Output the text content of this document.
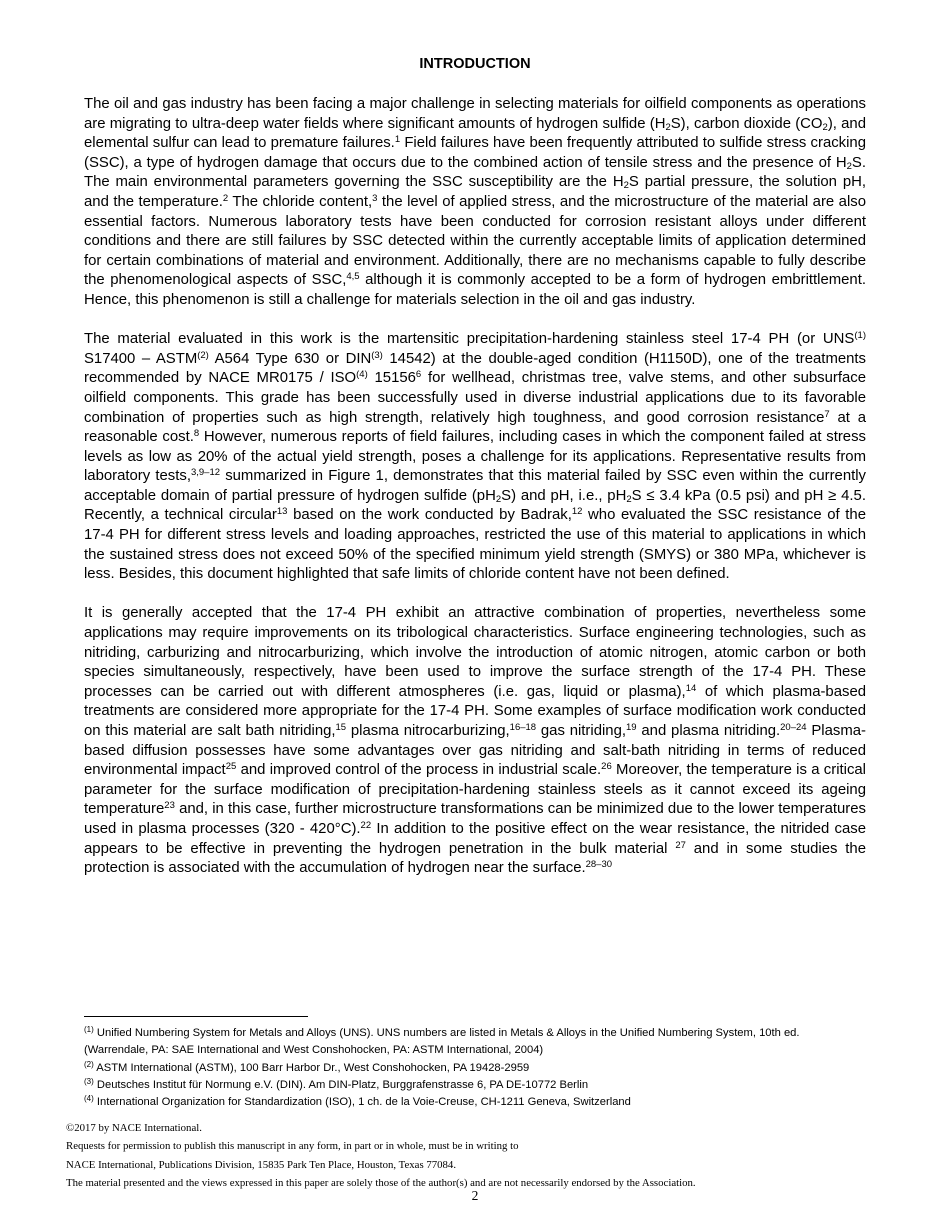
INTRODUCTION

The oil and gas industry has been facing a major challenge in selecting materials for oilfield components as operations are migrating to ultra-deep water fields where significant amounts of hydrogen sulfide $(H_2S)$, carbon dioxide $(CO_2)$, and elemental sulfur can lead to premature failures.$^1$ Field failures have been frequently attributed to sulfide stress cracking (SSC), a type of hydrogen damage that occurs due to the combined action of tensile stress and the presence of $H_2S$. The main environmental parameters governing the SSC susceptibility are the $H_2S$ partial pressure, the solution pH, and the temperature.$^2$ The chloride content,$^3$ the level of applied stress, and the microstructure of the material are also essential factors. Numerous laboratory tests have been conducted for corrosion resistant alloys under different conditions and there are still failures by SSC detected within the currently acceptable limits of application determined for certain combinations of material and environment. Additionally, there are no mechanisms capable to fully describe the phenomenological aspects of SSC,$^{4,5}$ although it is commonly accepted to be a form of hydrogen embrittlement. Hence, this phenomenon is still a challenge for materials selection in the oil and gas industry.

The material evaluated in this work is the martensitic precipitation-hardening stainless steel 17-4 PH (or UNS$^{(1)}$ S17400 – ASTM$^{(2)}$ A564 Type 630 or DIN$^{(3)}$ 14542) at the double-aged condition (H1150D), one of the treatments recommended by NACE MR0175 / ISO$^{(4)}$ 15156$^6$ for wellhead, christmas tree, valve stems, and other subsurface oilfield components. This grade has been successfully used in diverse industrial applications due to its favorable combination of properties such as high strength, relatively high toughness, and good corrosion resistance$^7$ at a reasonable cost.$^8$ However, numerous reports of field failures, including cases in which the component failed at stress levels as low as 20% of the actual yield strength, poses a challenge for its applications. Representative results from laboratory tests,$^{3,9-12}$ summarized in Figure 1, demonstrates that this material failed by SSC even within the currently acceptable domain of partial pressure of hydrogen sulfide $(pH_2S)$ and pH, i.e., $pH_2S \le 3.4$ kPa (0.5 psi) and pH ≥ 4.5. Recently, a technical circular$^{13}$ based on the work conducted by Badrak,$^{12}$ who evaluated the SSC resistance of the 17-4 PH for different stress levels and loading approaches, restricted the use of this material to applications in which the sustained stress does not exceed 50% of the specified minimum yield strength (SMYS) or 380 MPa, whichever is less. Besides, this document highlighted that safe limits of chloride content have not been defined.

It is generally accepted that the 17-4 PH exhibit an attractive combination of properties, nevertheless some applications may require improvements on its tribological characteristics. Surface engineering technologies, such as nitriding, carburizing and nitrocarburizing, which involve the introduction of atomic nitrogen, atomic carbon or both species simultaneously, respectively, have been used to improve the surface strength of the 17-4 PH. These processes can be carried out with different atmospheres (i.e. gas, liquid or plasma),$^{14}$ of which plasma-based treatments are considered more appropriate for the 17-4 PH. Some examples of surface modification work conducted on this material are salt bath nitriding,$^{15}$ plasma nitrocarburizing,$^{16-18}$ gas nitriding,$^{19}$ and plasma nitriding.$^{20-24}$ Plasma-based diffusion possesses have some advantages over gas nitriding and salt-bath nitriding in terms of reduced environmental impact$^{25}$ and improved control of the process in industrial scale.$^{26}$ Moreover, the temperature is a critical parameter for the surface modification of precipitation-hardening stainless steels as it cannot exceed its ageing temperature$^{23}$ and, in this case, further microstructure transformations can be minimized due to the lower temperatures used in plasma processes (320 - 420°C).$^{22}$ In addition to the positive effect on the wear resistance, the nitrided case appears to be effective in preventing the hydrogen penetration in the bulk material $^{27}$ and in some studies the protection is associated with the accumulation of hydrogen near the surface.$^{28-30}$

$^{(1)}$ Unified Numbering System for Metals and Alloys (UNS). UNS numbers are listed in Metals & Alloys in the Unified Numbering System, 10th ed. (Warrendale, PA: SAE International and West Conshohocken, PA: ASTM International, 2004)

$^{(2)}$ ASTM International (ASTM), 100 Barr Harbor Dr., West Conshohocken, PA 19428-2959

$^{(3)}$ Deutsches Institut für Normung e.V. (DIN). Am DIN-Platz, Burggrafenstrasse 6, PA DE-10772 Berlin

$^{(4)}$ International Organization for Standardization (ISO), 1 ch. de la Voie-Creuse, CH-1211 Geneva, Switzerland

©2017 by NACE International.

Requests for permission to publish this manuscript in any form, in part or in whole, must be in writing to

NACE International, Publications Division, 15835 Park Ten Place, Houston, Texas 77084.

The material presented and the views expressed in this paper are solely those of the author(s) and are not necessarily endorsed by the Association.

2
